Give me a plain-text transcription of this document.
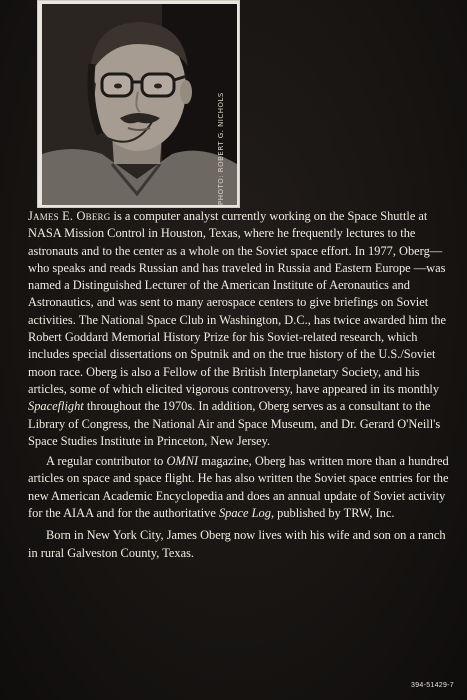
PHOTO: ROBERT G. NICHOLS

James E. Oberg is a computer analyst currently working on the Space Shuttle at NASA Mission Control in Houston, Texas, where he frequently lectures to the astronauts and to the center as a whole on the Soviet space effort. In 1977, Oberg—who speaks and reads Russian and has traveled in Russia and Eastern Europe —was named a Distinguished Lecturer of the American Institute of Aeronautics and Astronautics, and was sent to many aerospace centers to give briefings on Soviet activities. The National Space Club in Washington, D.C., has twice awarded him the Robert Goddard Memorial History Prize for his Soviet-related research, which includes special dissertations on Sputnik and on the true history of the U.S./Soviet moon race. Oberg is also a Fellow of the British Interplanetary Society, and his articles, some of which elicited vigorous controversy, have appeared in its monthly Spaceflight throughout the 1970s. In addition, Oberg serves as a consultant to the Library of Congress, the National Air and Space Museum, and Dr. Gerard O'Neill's Space Studies Institute in Princeton, New Jersey.

A regular contributor to OMNI magazine, Oberg has written more than a hundred articles on space and space flight. He has also written the Soviet space entries for the new American Academic Encyclopedia and does an annual update of Soviet activity for the AIAA and for the authoritative Space Log, published by TRW, Inc.

Born in New York City, James Oberg now lives with his wife and son on a ranch in rural Galveston County, Texas.

394-51429-7
